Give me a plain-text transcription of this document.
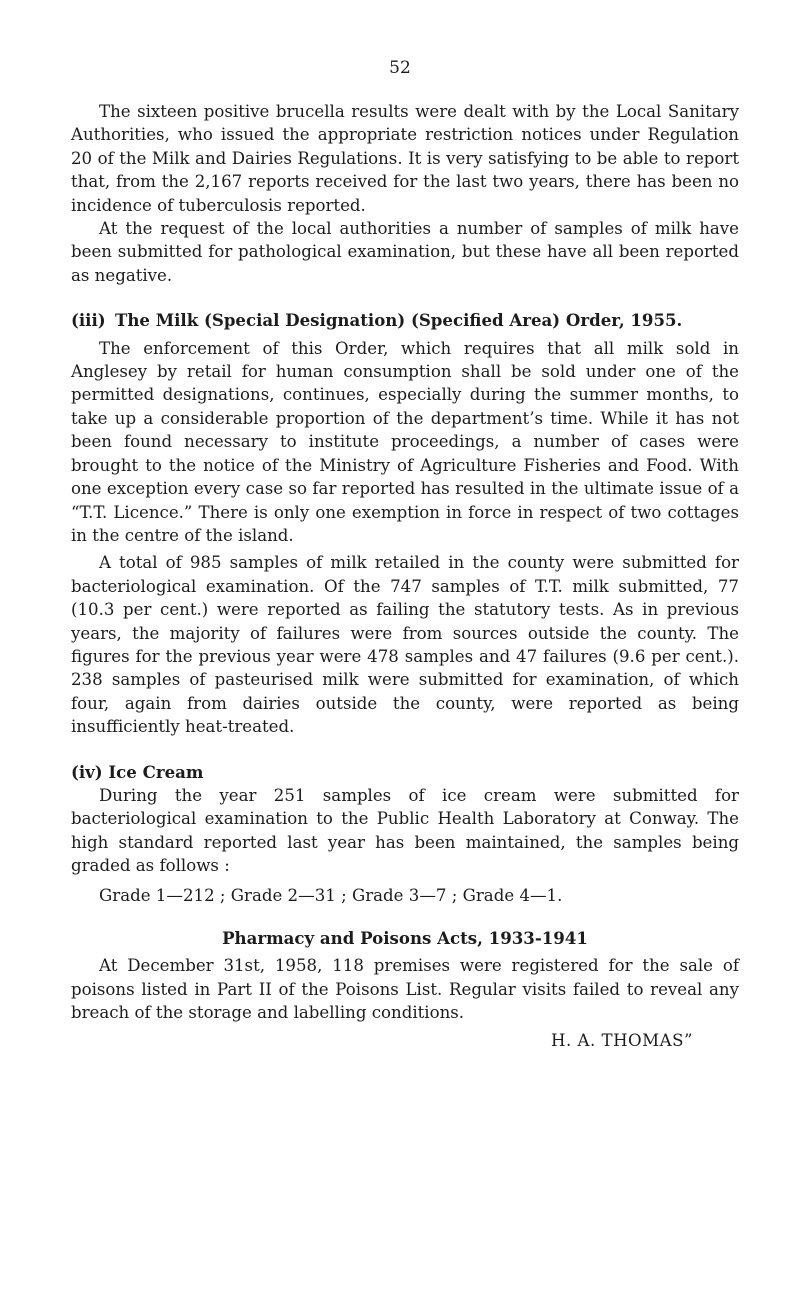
52

The sixteen positive brucella results were dealt with by the Local Sanitary Authorities, who issued the appropriate restriction notices under Regulation 20 of the Milk and Dairies Regulations. It is very satisfying to be able to report that, from the 2,167 reports received for the last two years, there has been no incidence of tuberculosis reported.

At the request of the local authorities a number of samples of milk have been submitted for pathological examination, but these have all been reported as negative.

(iii) The Milk (Special Designation) (Specified Area) Order, 1955.

The enforcement of this Order, which requires that all milk sold in Anglesey by retail for human consumption shall be sold under one of the permitted designations, continues, especially during the summer months, to take up a considerable proportion of the department’s time. While it has not been found necessary to institute proceedings, a number of cases were brought to the notice of the Ministry of Agriculture Fisheries and Food. With one exception every case so far reported has resulted in the ultimate issue of a “T.T. Licence.” There is only one exemption in force in respect of two cottages in the centre of the island.

A total of 985 samples of milk retailed in the county were submitted for bacteriological examination. Of the 747 samples of T.T. milk submitted, 77 (10.3 per cent.) were reported as failing the statutory tests. As in previous years, the majority of failures were from sources outside the county. The figures for the previous year were 478 samples and 47 failures (9.6 per cent.). 238 samples of pasteurised milk were submitted for examination, of which four, again from dairies outside the county, were reported as being insufficiently heat-treated.

(iv) Ice Cream

During the year 251 samples of ice cream were submitted for bacteriological examination to the Public Health Laboratory at Conway. The high standard reported last year has been maintained, the samples being graded as follows :

Grade 1—212 ; Grade 2—31 ; Grade 3—7 ; Grade 4—1.

Pharmacy and Poisons Acts, 1933-1941

At December 31st, 1958, 118 premises were registered for the sale of poisons listed in Part II of the Poisons List. Regular visits failed to reveal any breach of the storage and labelling conditions.

H. A. THOMAS”
